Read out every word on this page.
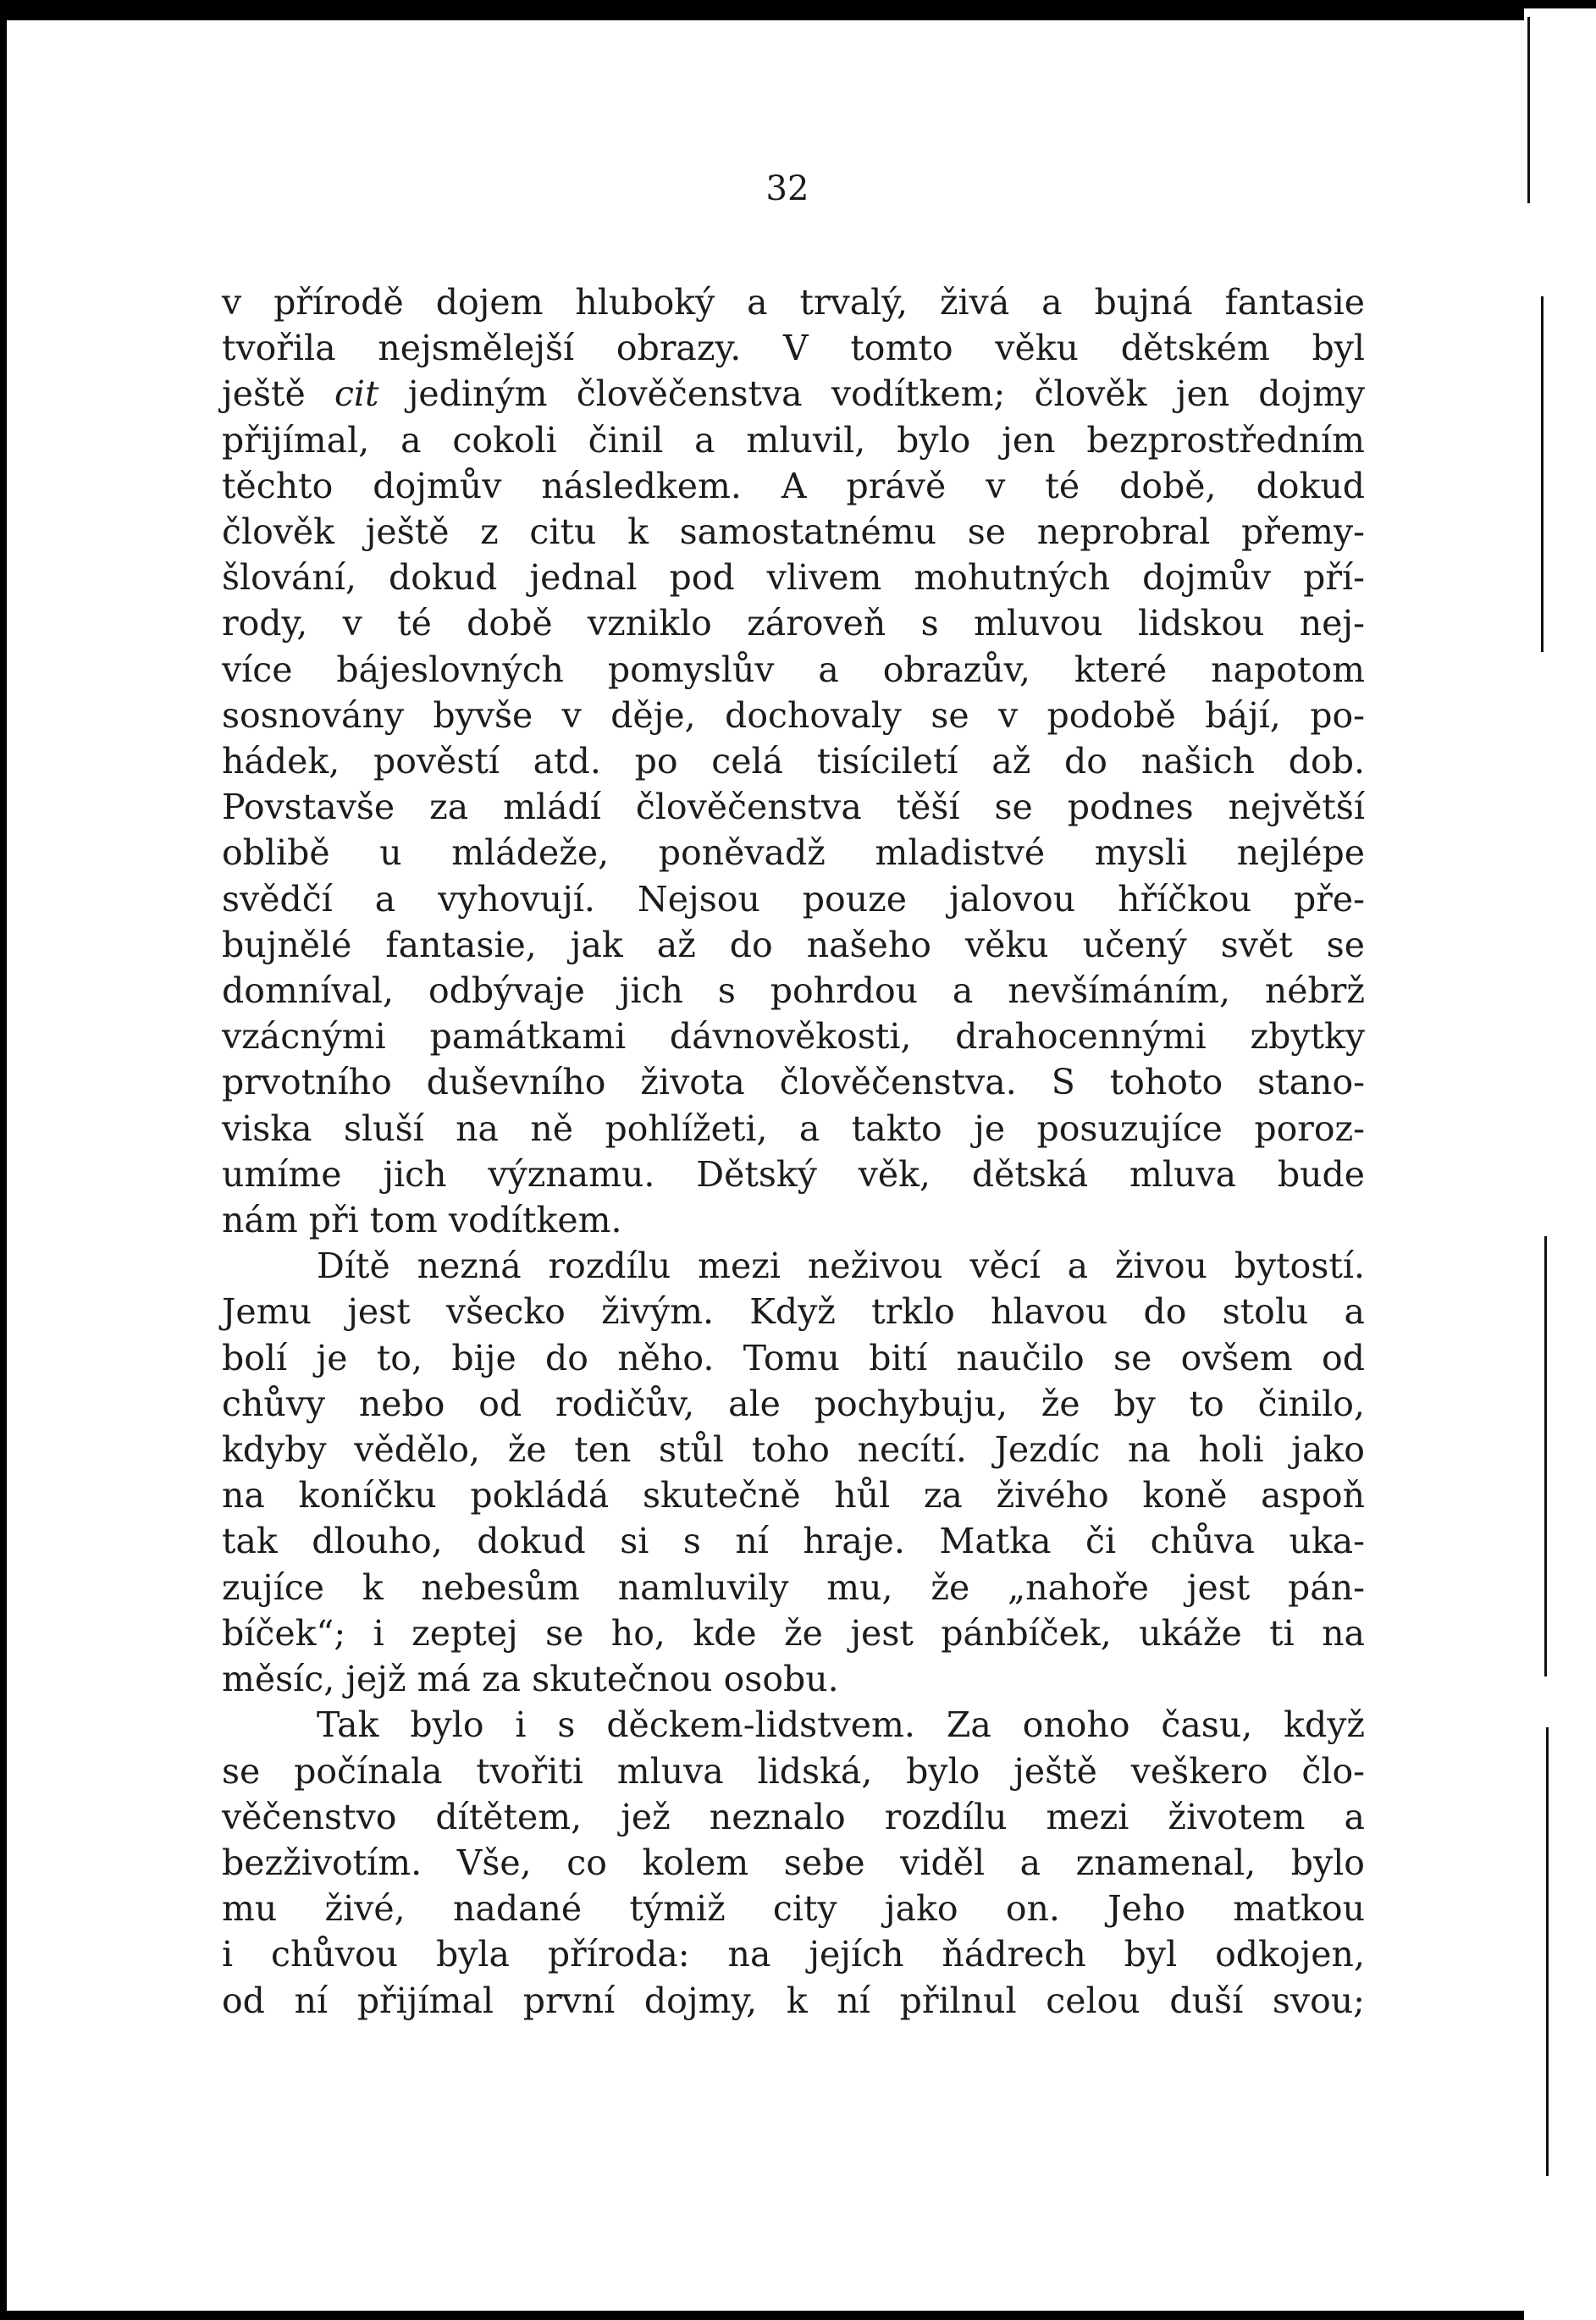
32
v přírodě dojem hluboký a trvalý, živá a bujná fantasie
tvořila nejsmělejší obrazy. V tomto věku dětském byl
ještě cit jediným člověčenstva vodítkem; člověk jen dojmy
přijímal, a cokoli činil a mluvil, bylo jen bezprostředním
těchto dojmův následkem. A právě v té době, dokud
člověk ještě z citu k samostatnému se neprobral přemy-
šlování, dokud jednal pod vlivem mohutných dojmův pří-
rody, v té době vzniklo zároveň s mluvou lidskou nej-
více bájeslovných pomyslův a obrazův, které napotom
sosnovány byvše v děje, dochovaly se v podobě bájí, po-
hádek, pověstí atd. po celá tisíciletí až do našich dob.
Povstavše za mládí člověčenstva těší se podnes největší
oblibě u mládeže, poněvadž mladistvé mysli nejlépe
svědčí a vyhovují. Nejsou pouze jalovou hříčkou pře-
bujnělé fantasie, jak až do našeho věku učený svět se
domníval, odbývaje jich s pohrdou a nevšímáním, nébrž
vzácnými památkami dávnověkosti, drahocennými zbytky
prvotního duševního života člověčenstva. S tohoto stano-
viska sluší na ně pohlížeti, a takto je posuzujíce poroz-
umíme jich významu. Dětský věk, dětská mluva bude
nám při tom vodítkem.
Dítě nezná rozdílu mezi neživou věcí a živou bytostí.
Jemu jest všecko živým. Když trklo hlavou do stolu a
bolí je to, bije do něho. Tomu bití naučilo se ovšem od
chůvy nebo od rodičův, ale pochybuju, že by to činilo,
kdyby vědělo, že ten stůl toho necítí. Jezdíc na holi jako
na koníčku pokládá skutečně hůl za živého koně aspoň
tak dlouho, dokud si s ní hraje. Matka či chůva uka-
zujíce k nebesům namluvily mu, že „nahoře jest pán-
bíček“; i zeptej se ho, kde že jest pánbíček, ukáže ti na
měsíc, jejž má za skutečnou osobu.
Tak bylo i s děckem-lidstvem. Za onoho času, když
se počínala tvořiti mluva lidská, bylo ještě veškero člo-
věčenstvo dítětem, jež neznalo rozdílu mezi životem a
bezživotím. Vše, co kolem sebe viděl a znamenal, bylo
mu živé, nadané týmiž city jako on. Jeho matkou
i chůvou byla příroda: na jejích ňádrech byl odkojen,
od ní přijímal první dojmy, k ní přilnul celou duší svou;
